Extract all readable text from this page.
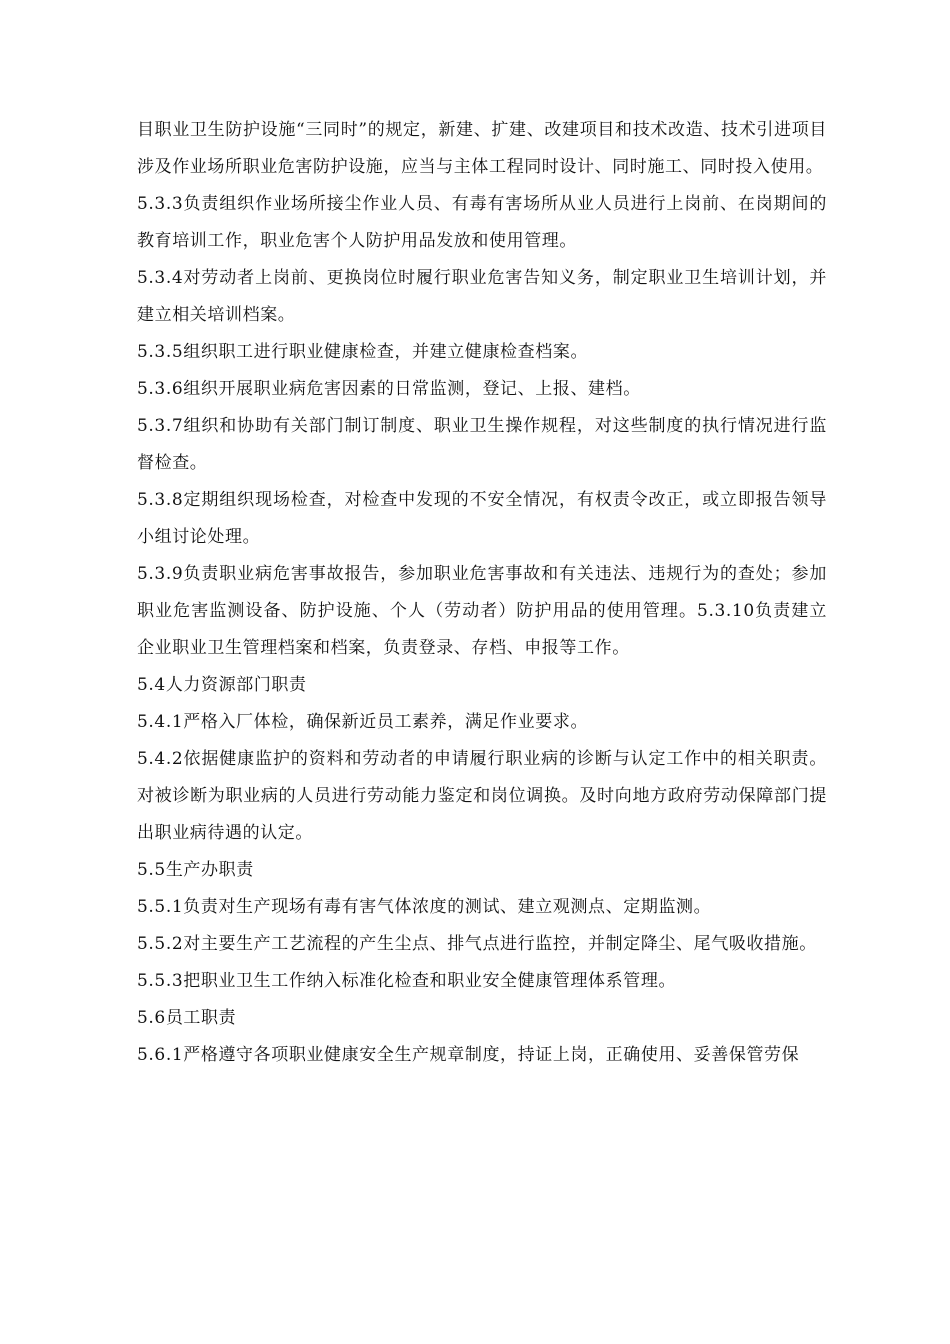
目职业卫生防护设施“三同时”的规定，新建、扩建、改建项目和技术改造、技术引进项目涉及作业场所职业危害防护设施，应当与主体工程同时设计、同时施工、同时投入使用。

5.3.3负责组织作业场所接尘作业人员、有毒有害场所从业人员进行上岗前、在岗期间的教育培训工作，职业危害个人防护用品发放和使用管理。

5.3.4对劳动者上岗前、更换岗位时履行职业危害告知义务，制定职业卫生培训计划，并建立相关培训档案。

5.3.5组织职工进行职业健康检查，并建立健康检查档案。

5.3.6组织开展职业病危害因素的日常监测，登记、上报、建档。

5.3.7组织和协助有关部门制订制度、职业卫生操作规程，对这些制度的执行情况进行监督检查。

5.3.8定期组织现场检查，对检查中发现的不安全情况，有权责令改正，或立即报告领导小组讨论处理。

5.3.9负责职业病危害事故报告，参加职业危害事故和有关违法、违规行为的查处；参加职业危害监测设备、防护设施、个人（劳动者）防护用品的使用管理。5.3.10负责建立企业职业卫生管理档案和档案，负责登录、存档、申报等工作。

5.4人力资源部门职责

5.4.1严格入厂体检，确保新近员工素养，满足作业要求。

5.4.2依据健康监护的资料和劳动者的申请履行职业病的诊断与认定工作中的相关职责。对被诊断为职业病的人员进行劳动能力鉴定和岗位调换。及时向地方政府劳动保障部门提出职业病待遇的认定。

5.5生产办职责

5.5.1负责对生产现场有毒有害气体浓度的测试、建立观测点、定期监测。

5.5.2对主要生产工艺流程的产生尘点、排气点进行监控，并制定降尘、尾气吸收措施。

5.5.3把职业卫生工作纳入标准化检查和职业安全健康管理体系管理。

5.6员工职责

5.6.1严格遵守各项职业健康安全生产规章制度，持证上岗，正确使用、妥善保管劳保
